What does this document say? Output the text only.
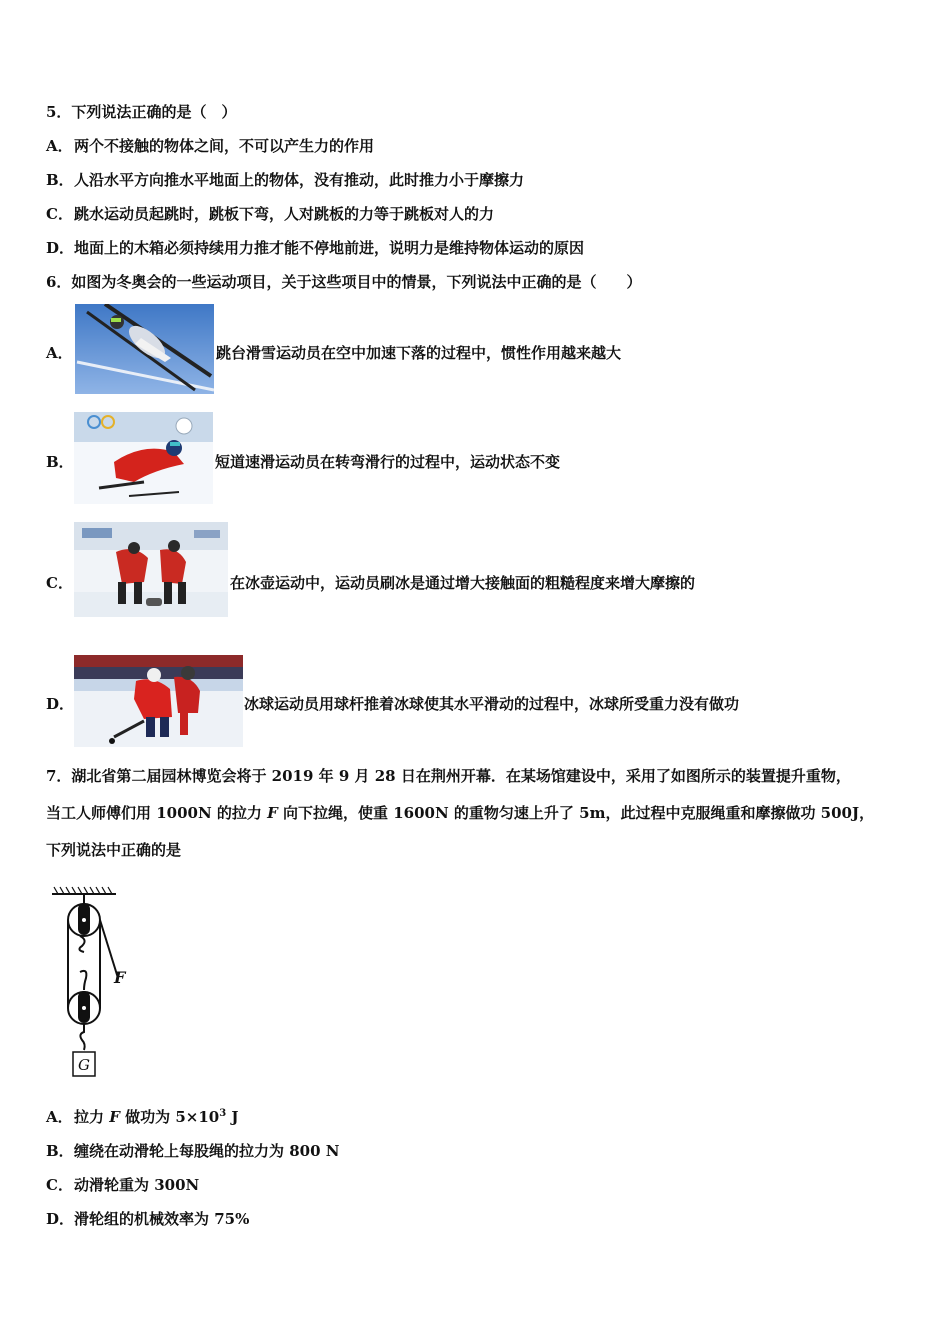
5．下列说法正确的是（　）
A．两个不接触的物体之间，不可以产生力的作用
B．人沿水平方向推水平地面上的物体，没有推动，此时推力小于摩擦力
C．跳水运动员起跳时，跳板下弯，人对跳板的力等于跳板对人的力
D．地面上的木箱必须持续用力推才能不停地前进，说明力是维持物体运动的原因
6．如图为冬奥会的一些运动项目，关于这些项目中的情景，下列说法中正确的是（　　）
A．	跳台滑雪运动员在空中加速下落的过程中，惯性作用越来越大
B．	短道速滑运动员在转弯滑行的过程中，运动状态不变
C．	在冰壶运动中，运动员刷冰是通过增大接触面的粗糙程度来增大摩擦的
D．	冰球运动员用球杆推着冰球使其水平滑动的过程中，冰球所受重力没有做功
7．湖北省第二届园林博览会将于 2019 年 9 月 28 日在荆州开幕．在某场馆建设中，采用了如图所示的装置提升重物，
当工人师傅们用 1000N 的拉力 F 向下拉绳，使重 1600N 的重物匀速上升了 5m，此过程中克服绳重和摩擦做功 500J，
下列说法中正确的是
F
G
A．拉力 F 做功为 $5\times 10^3$ J
B．缠绕在动滑轮上每股绳的拉力为 800 N
C．动滑轮重为 300N
D．滑轮组的机械效率为 75%
